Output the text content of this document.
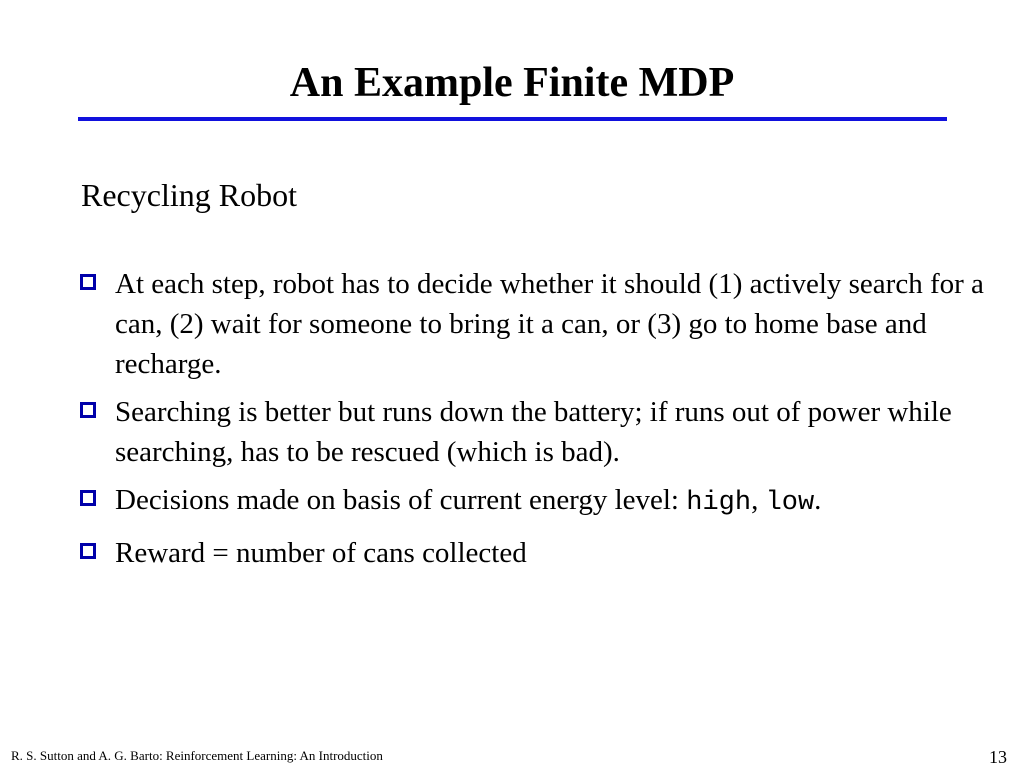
An Example Finite MDP
Recycling Robot
At each step, robot has to decide whether it should (1) actively search for a can, (2) wait for someone to bring it a can, or (3) go to home base and recharge.
Searching is better but runs down the battery; if runs out of power while searching, has to be rescued (which is bad).
Decisions made on basis of current energy level: high, low.
Reward = number of cans collected
R. S. Sutton and A. G. Barto: Reinforcement Learning: An Introduction	13
